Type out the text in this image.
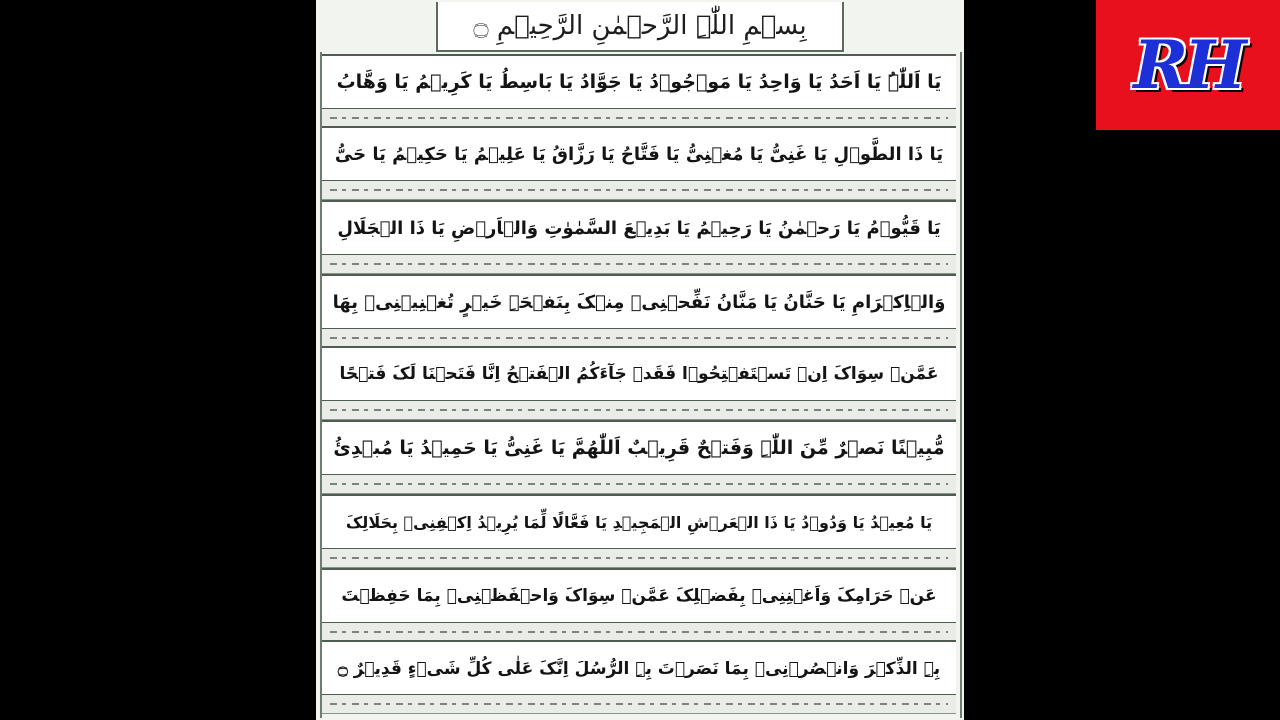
بِسۡمِ اللّٰہِ الرَّحۡمٰنِ الرَّحِیۡمِ ۝
یَا اَللّٰہُ یَا اَحَدُ یَا وَاحِدُ یَا مَوۡجُوۡدُ یَا جَوَّادُ یَا بَاسِطُ یَا کَرِیۡمُ یَا وَھَّابُ
یَا ذَا الطَّوۡلِ یَا غَنِیُّ یَا مُغۡنِیُّ یَا فَتَّاحُ یَا رَزَّاقُ یَا عَلِیۡمُ یَا حَکِیۡمُ یَا حَیُّ
یَا قَیُّوۡمُ یَا رَحۡمٰنُ یَا رَحِیۡمُ یَا بَدِیۡعَ السَّمٰوٰتِ وَالۡاَرۡضِ یَا ذَا الۡجَلَالِ
وَالۡاِکۡرَامِ یَا حَنَّانُ یَا مَنَّانُ نَفِّحۡنِیۡ مِنۡکَ بِنَفۡحَۃِ خَیۡرٍ تُغۡنِیۡنِیۡ بِھَا
عَمَّنۡ سِوَاکَ اِنۡ تَسۡتَفۡتِحُوۡا فَقَدۡ جَآءَکُمُ الۡفَتۡحُ اِنَّا فَتَحۡنَا لَکَ فَتۡحًا
مُّبِیۡنًا نَصۡرٌ مِّنَ اللّٰہِ وَفَتۡحٌ قَرِیۡبٌ اَللّٰھُمَّ یَا غَنِیُّ یَا حَمِیۡدُ یَا مُبۡدِئُ
یَا مُعِیۡدُ یَا وَدُوۡدُ یَا ذَا الۡعَرۡشِ الۡمَجِیۡدِ یَا فَعَّالًا لِّمَا یُرِیۡدُ اِکۡفِنِیۡ بِحَلَالِکَ
عَنۡ حَرَامِکَ وَاَغۡنِنِیۡ بِفَضۡلِکَ عَمَّنۡ سِوَاکَ وَاحۡفَظۡنِیۡ بِمَا حَفِظۡتَ
بِہِ الذِّکۡرَ وَانۡصُرۡنِیۡ بِمَا نَصَرۡتَ بِہِ الرُّسُلَ اِنَّکَ عَلٰی کُلِّ شَیۡءٍ قَدِیۡرٌ ۝
RH
